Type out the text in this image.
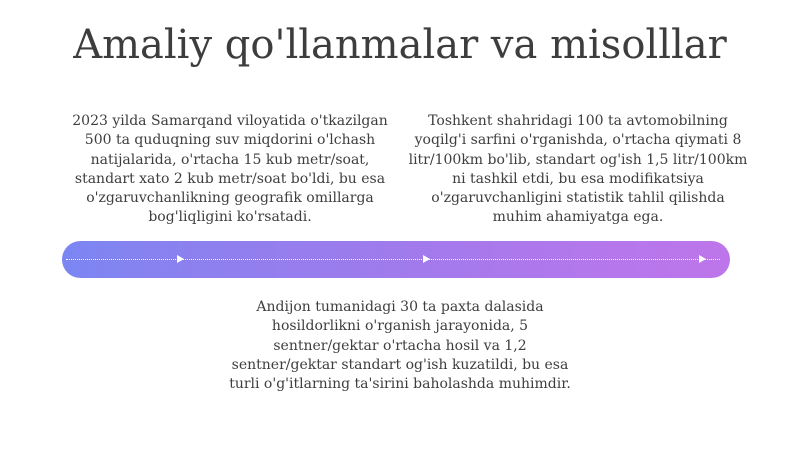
Amaliy qo'llanmalar va misolllar
2023 yilda Samarqand viloyatida o'tkazilgan 500 ta quduqning suv miqdorini o'lchash natijalarida, o'rtacha 15 kub metr/soat, standart xato 2 kub metr/soat bo'ldi, bu esa o'zgaruvchanlikning geografik omillarga bog'liqligini ko'rsatadi.
Toshkent shahridagi 100 ta avtomobilning yoqilg'i sarfini o'rganishda, o'rtacha qiymati 8 litr/100km bo'lib, standart og'ish 1,5 litr/100km ni tashkil etdi, bu esa modifikatsiya o'zgaruvchanligini statistik tahlil qilishda muhim ahamiyatga ega.
Andijon tumanidagi 30 ta paxta dalasida hosildorlikni o'rganish jarayonida, 5 sentner/gektar o'rtacha hosil va 1,2 sentner/gektar standart og'ish kuzatildi, bu esa turli o'g'itlarning ta'sirini baholashda muhimdir.
